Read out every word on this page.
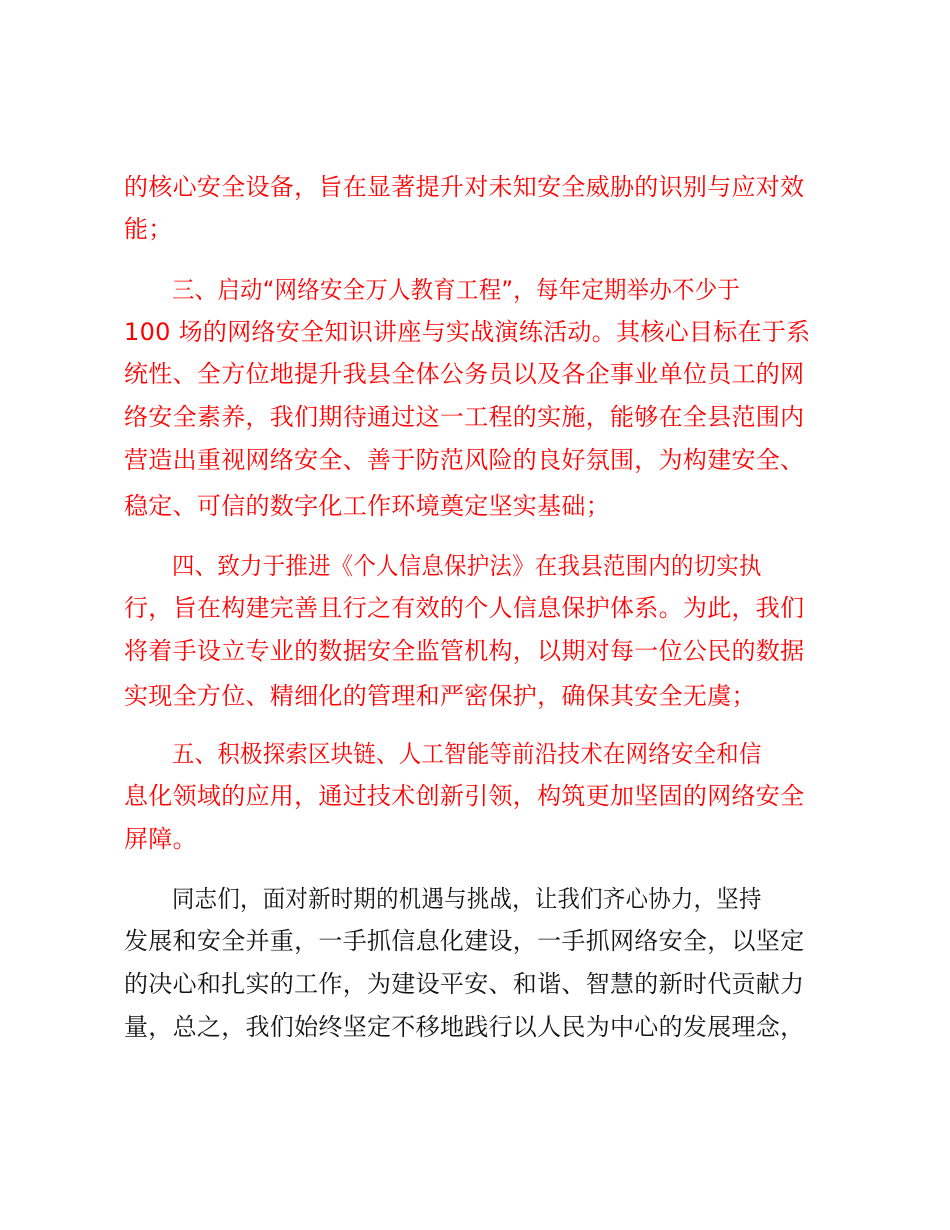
的核心安全设备，旨在显著提升对未知安全威胁的识别与应对效

能；

三、启动“网络安全万人教育工程”，每年定期举办不少于

100 场的网络安全知识讲座与实战演练活动。其核心目标在于系

统性、全方位地提升我县全体公务员以及各企事业单位员工的网

络安全素养，我们期待通过这一工程的实施，能够在全县范围内

营造出重视网络安全、善于防范风险的良好氛围，为构建安全、

稳定、可信的数字化工作环境奠定坚实基础；

四、致力于推进《个人信息保护法》在我县范围内的切实执

行，旨在构建完善且行之有效的个人信息保护体系。为此，我们

将着手设立专业的数据安全监管机构，以期对每一位公民的数据

实现全方位、精细化的管理和严密保护，确保其安全无虞；

五、积极探索区块链、人工智能等前沿技术在网络安全和信

息化领域的应用，通过技术创新引领，构筑更加坚固的网络安全

屏障。

同志们，面对新时期的机遇与挑战，让我们齐心协力，坚持

发展和安全并重，一手抓信息化建设，一手抓网络安全，以坚定

的决心和扎实的工作，为建设平安、和谐、智慧的新时代贡献力

量，总之，我们始终坚定不移地践行以人民为中心的发展理念，
